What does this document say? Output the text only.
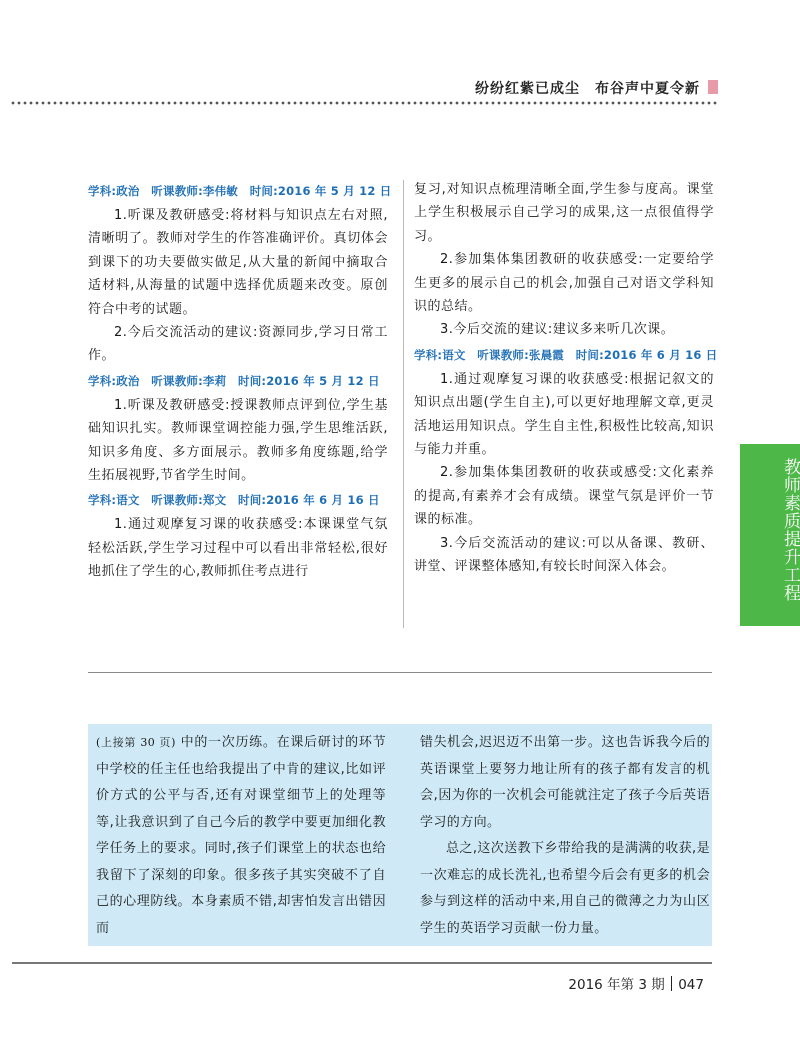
纷纷红紫已成尘　布谷声中夏令新
学科:政治　听课教师:李伟敏　时间:2016 年 5 月 12 日

1.听课及教研感受:将材料与知识点左右对照,清晰明了。教师对学生的作答准确评价。真切体会到课下的功夫要做实做足,从大量的新闻中摘取合适材料,从海量的试题中选择优质题来改变。原创符合中考的试题。

2.今后交流活动的建议:资源同步,学习日常工作。

学科:政治　听课教师:李莉　时间:2016 年 5 月 12 日

1.听课及教研感受:授课教师点评到位,学生基础知识扎实。教师课堂调控能力强,学生思维活跃,知识多角度、多方面展示。教师多角度练题,给学生拓展视野,节省学生时间。

学科:语文　听课教师:郑文　时间:2016 年 6 月 16 日

1.通过观摩复习课的收获感受:本课课堂气氛轻松活跃,学生学习过程中可以看出非常轻松,很好地抓住了学生的心,教师抓住考点进行

复习,对知识点梳理清晰全面,学生参与度高。课堂上学生积极展示自己学习的成果,这一点很值得学习。

2.参加集体集团教研的收获感受:一定要给学生更多的展示自己的机会,加强自己对语文学科知识的总结。

3.今后交流的建议:建议多来听几次课。

学科:语文　听课教师:张晨霞　时间:2016 年 6 月 16 日

1.通过观摩复习课的收获感受:根据记叙文的知识点出题(学生自主),可以更好地理解文章,更灵活地运用知识点。学生自主性,积极性比较高,知识与能力并重。

2.参加集体集团教研的收获或感受:文化素养的提高,有素养才会有成绩。课堂气氛是评价一节课的标准。

3.今后交流活动的建议:可以从备课、教研、讲堂、评课整体感知,有较长时间深入体会。

(上接第 30 页) 中的一次历练。在课后研讨的环节中学校的任主任也给我提出了中肯的建议,比如评价方式的公平与否,还有对课堂细节上的处理等等,让我意识到了自己今后的教学中要更加细化教学任务上的要求。同时,孩子们课堂上的状态也给我留下了深刻的印象。很多孩子其实突破不了自己的心理防线。本身素质不错,却害怕发言出错因而

错失机会,迟迟迈不出第一步。这也告诉我今后的英语课堂上要努力地让所有的孩子都有发言的机会,因为你的一次机会可能就注定了孩子今后英语学习的方向。

总之,这次送教下乡带给我的是满满的收获,是一次难忘的成长洗礼,也希望今后会有更多的机会参与到这样的活动中来,用自己的微薄之力为山区学生的英语学习贡献一份力量。

教师素质提升工程
2016 年第 3 期 047
